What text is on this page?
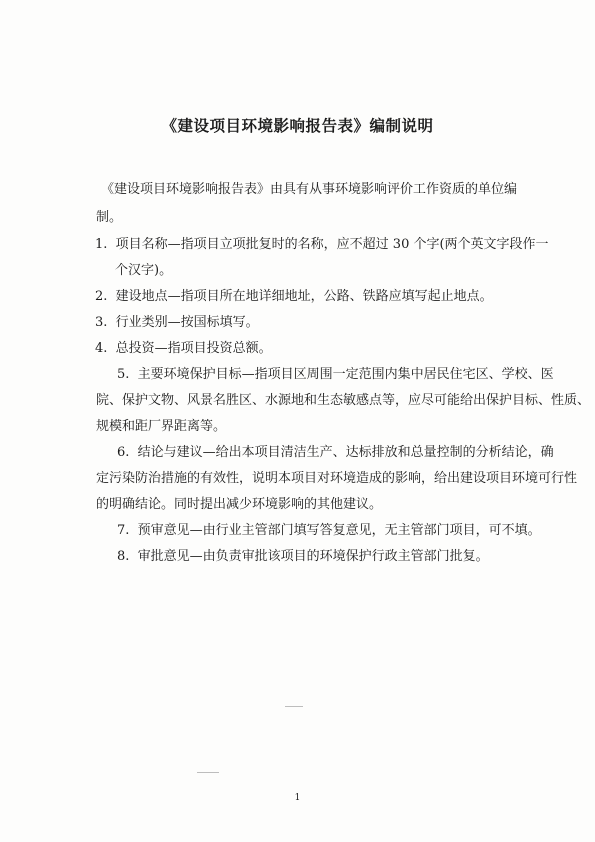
《建设项目环境影响报告表》编制说明
《建设项目环境影响报告表》由具有从事环境影响评价工作资质的单位编
制。
1.  项目名称—指项目立项批复时的名称，应不超过 30 个字(两个英文字段作一
个汉字)。
2.  建设地点—指项目所在地详细地址，公路、铁路应填写起止地点。
3.  行业类别—按国标填写。
4.  总投资—指项目投资总额。
5.  主要环境保护目标—指项目区周围一定范围内集中居民住宅区、学校、医
院、保护文物、风景名胜区、水源地和生态敏感点等，应尽可能给出保护目标、性质、
规模和距厂界距离等。
6.  结论与建议—给出本项目清洁生产、达标排放和总量控制的分析结论，确
定污染防治措施的有效性，说明本项目对环境造成的影响，给出建设项目环境可行性
的明确结论。同时提出减少环境影响的其他建议。
7.  预审意见—由行业主管部门填写答复意见，无主管部门项目，可不填。
8.  审批意见—由负责审批该项目的环境保护行政主管部门批复。
1
